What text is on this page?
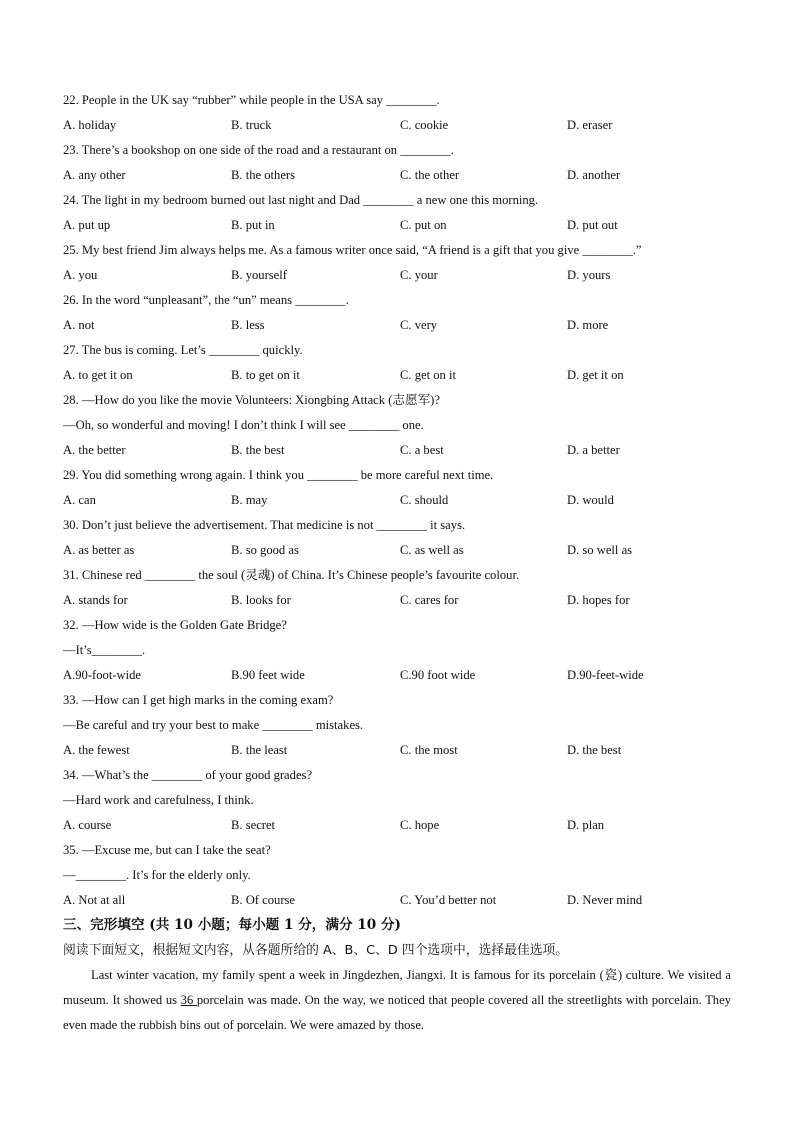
22. People in the UK say “rubber” while people in the USA say ________.
A. holiday	B. truck	C. cookie	D. eraser
23. There’s a bookshop on one side of the road and a restaurant on ________.
A. any other	B. the others	C. the other	D. another
24. The light in my bedroom burned out last night and Dad ________ a new one this morning.
A. put up	B. put in	C. put on	D. put out
25. My best friend Jim always helps me. As a famous writer once said, “A friend is a gift that you give ________.”
A. you	B. yourself	C. your	D. yours
26. In the word “unpleasant”, the “un” means ________.
A. not	B. less	C. very	D. more
27. The bus is coming. Let’s ________ quickly.
A. to get it on	B. to get on it	C. get on it	D. get it on
28. —How do you like the movie Volunteers: Xiongbing Attack (志愿军)?
—Oh, so wonderful and moving! I don’t think I will see ________ one.
A. the better	B. the best	C. a best	D. a better
29. You did something wrong again. I think you ________ be more careful next time.
A. can	B. may	C. should	D. would
30. Don’t just believe the advertisement. That medicine is not ________ it says.
A. as better as	B. so good as	C. as well as	D. so well as
31. Chinese red ________ the soul (灵魂) of China. It’s Chinese people’s favourite colour.
A. stands for	B. looks for	C. cares for	D. hopes for
32. —How wide is the Golden Gate Bridge?
—It’s________.
A.90-foot-wide	B.90 feet wide	C.90 foot wide	D.90-feet-wide
33. —How can I get high marks in the coming exam?
—Be careful and try your best to make ________ mistakes.
A. the fewest	B. the least	C. the most	D. the best
34. —What’s the ________ of your good grades?
—Hard work and carefulness, I think.
A. course	B. secret	C. hope	D. plan
35. —Excuse me, but can I take the seat?
—________. It’s for the elderly only.
A. Not at all	B. Of course	C. You’d better not	D. Never mind
三、完形填空 (共 10 小题；每小题 1 分，满分 10 分)
阅读下面短文，根据短文内容，从各题所给的 A、B、C、D 四个选项中，选择最佳选项。
Last winter vacation, my family spent a week in Jingdezhen, Jiangxi. It is famous for its porcelain (瓷) culture. We visited a museum. It showed us 36 porcelain was made. On the way, we noticed that people covered all the streetlights with porcelain. They even made the rubbish bins out of porcelain. We were amazed by those.
